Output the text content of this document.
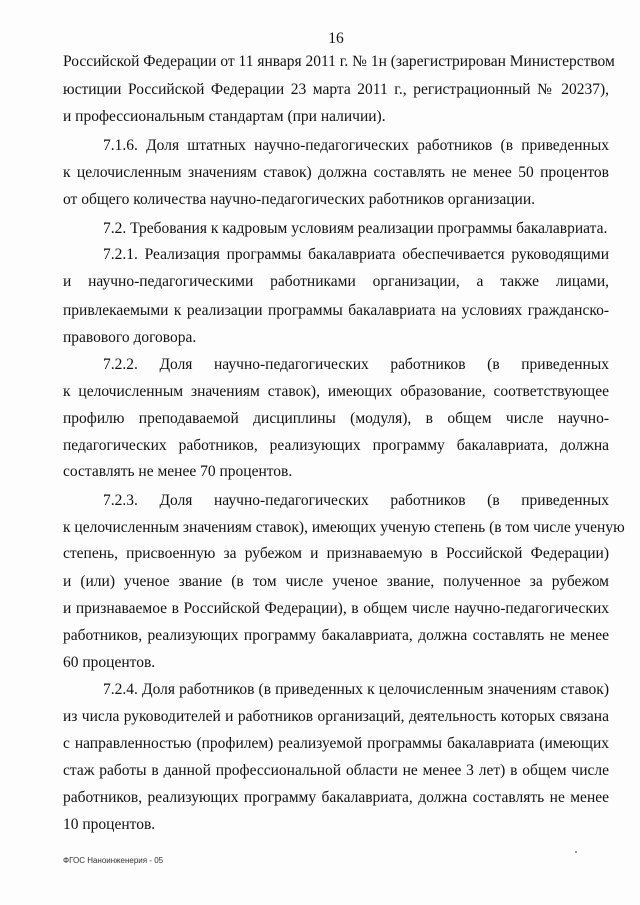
16
Российской Федерации от 11 января 2011 г. № 1н (зарегистрирован Министерством
юстиции Российской Федерации 23 марта 2011 г., регистрационный № 20237),
и профессиональным стандартам (при наличии).
7.1.6. Доля штатных научно-педагогических работников (в приведенных
к целочисленным значениям ставок) должна составлять не менее 50 процентов
от общего количества научно-педагогических работников организации.
7.2. Требования к кадровым условиям реализации программы бакалавриата.
7.2.1. Реализация программы бакалавриата обеспечивается руководящими
и научно-педагогическими работниками организации, а также лицами,
привлекаемыми к реализации программы бакалавриата на условиях гражданско-
правового договора.
7.2.2. Доля научно-педагогических работников (в приведенных
к целочисленным значениям ставок), имеющих образование, соответствующее
профилю преподаваемой дисциплины (модуля), в общем числе научно-
педагогических работников, реализующих программу бакалавриата, должна
составлять не менее 70 процентов.
7.2.3. Доля научно-педагогических работников (в приведенных
к целочисленным значениям ставок), имеющих ученую степень (в том числе ученую
степень, присвоенную за рубежом и признаваемую в Российской Федерации)
и (или) ученое звание (в том числе ученое звание, полученное за рубежом
и признаваемое в Российской Федерации), в общем числе научно-педагогических
работников, реализующих программу бакалавриата, должна составлять не менее
60 процентов.
7.2.4. Доля работников (в приведенных к целочисленным значениям ставок)
из числа руководителей и работников организаций, деятельность которых связана
с направленностью (профилем) реализуемой программы бакалавриата (имеющих
стаж работы в данной профессиональной области не менее 3 лет) в общем числе
работников, реализующих программу бакалавриата, должна составлять не менее
10 процентов.
ФГОС Наноинженерия - 05
